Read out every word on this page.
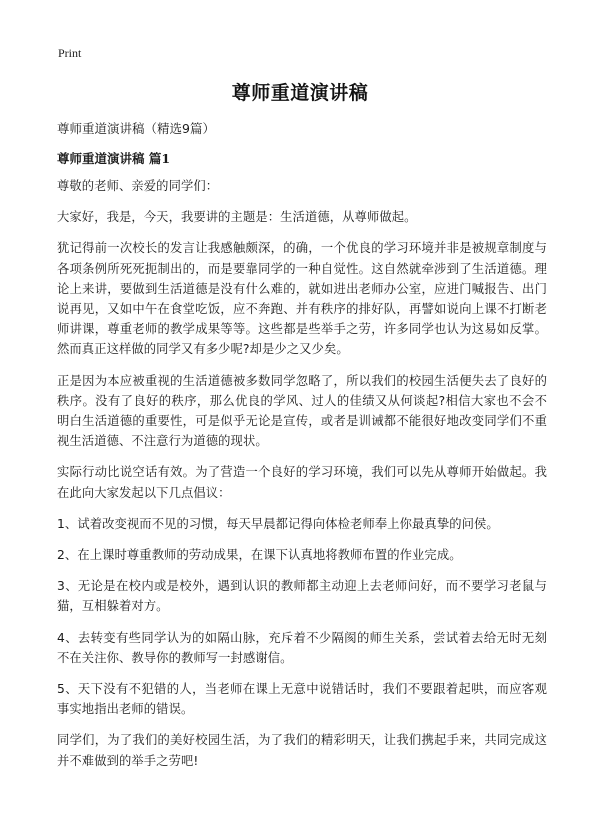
Print
尊师重道演讲稿

尊师重道演讲稿（精选9篇）

尊师重道演讲稿 篇1

尊敬的老师、亲爱的同学们：

大家好，我是，今天，我要讲的主题是：生活道德，从尊师做起。

犹记得前一次校长的发言让我感触颇深，的确，一个优良的学习环境并非是被规章制度与各项条例所死死扼制出的，而是要靠同学的一种自觉性。这自然就牵涉到了生活道德。理论上来讲，要做到生活道德是没有什么难的，就如进出老师办公室，应进门喊报告、出门说再见，又如中午在食堂吃饭，应不奔跑、并有秩序的排好队，再譬如说向上课不打断老师讲课，尊重老师的教学成果等等。这些都是些举手之劳，许多同学也认为这易如反掌。然而真正这样做的同学又有多少呢?却是少之又少矣。

正是因为本应被重视的生活道德被多数同学忽略了，所以我们的校园生活便失去了良好的秩序。没有了良好的秩序，那么优良的学风、过人的佳绩又从何谈起?相信大家也不会不明白生活道德的重要性，可是似乎无论是宣传，或者是训诫都不能很好地改变同学们不重视生活道德、不注意行为道德的现状。

实际行动比说空话有效。为了营造一个良好的学习环境，我们可以先从尊师开始做起。我在此向大家发起以下几点倡议：

1、试着改变视而不见的习惯，每天早晨都记得向体检老师奉上你最真挚的问侯。

2、在上课时尊重教师的劳动成果，在课下认真地将教师布置的作业完成。

3、无论是在校内或是校外，遇到认识的教师都主动迎上去老师问好，而不要学习老鼠与猫，互相躲着对方。

4、去转变有些同学认为的如隔山脉，充斥着不少隔阂的师生关系，尝试着去给无时无刻不在关注你、教导你的教师写一封感谢信。

5、天下没有不犯错的人，当老师在课上无意中说错话时，我们不要跟着起哄，而应客观事实地指出老师的错误。

同学们，为了我们的美好校园生活，为了我们的精彩明天，让我们携起手来，共同完成这并不难做到的举手之劳吧!
